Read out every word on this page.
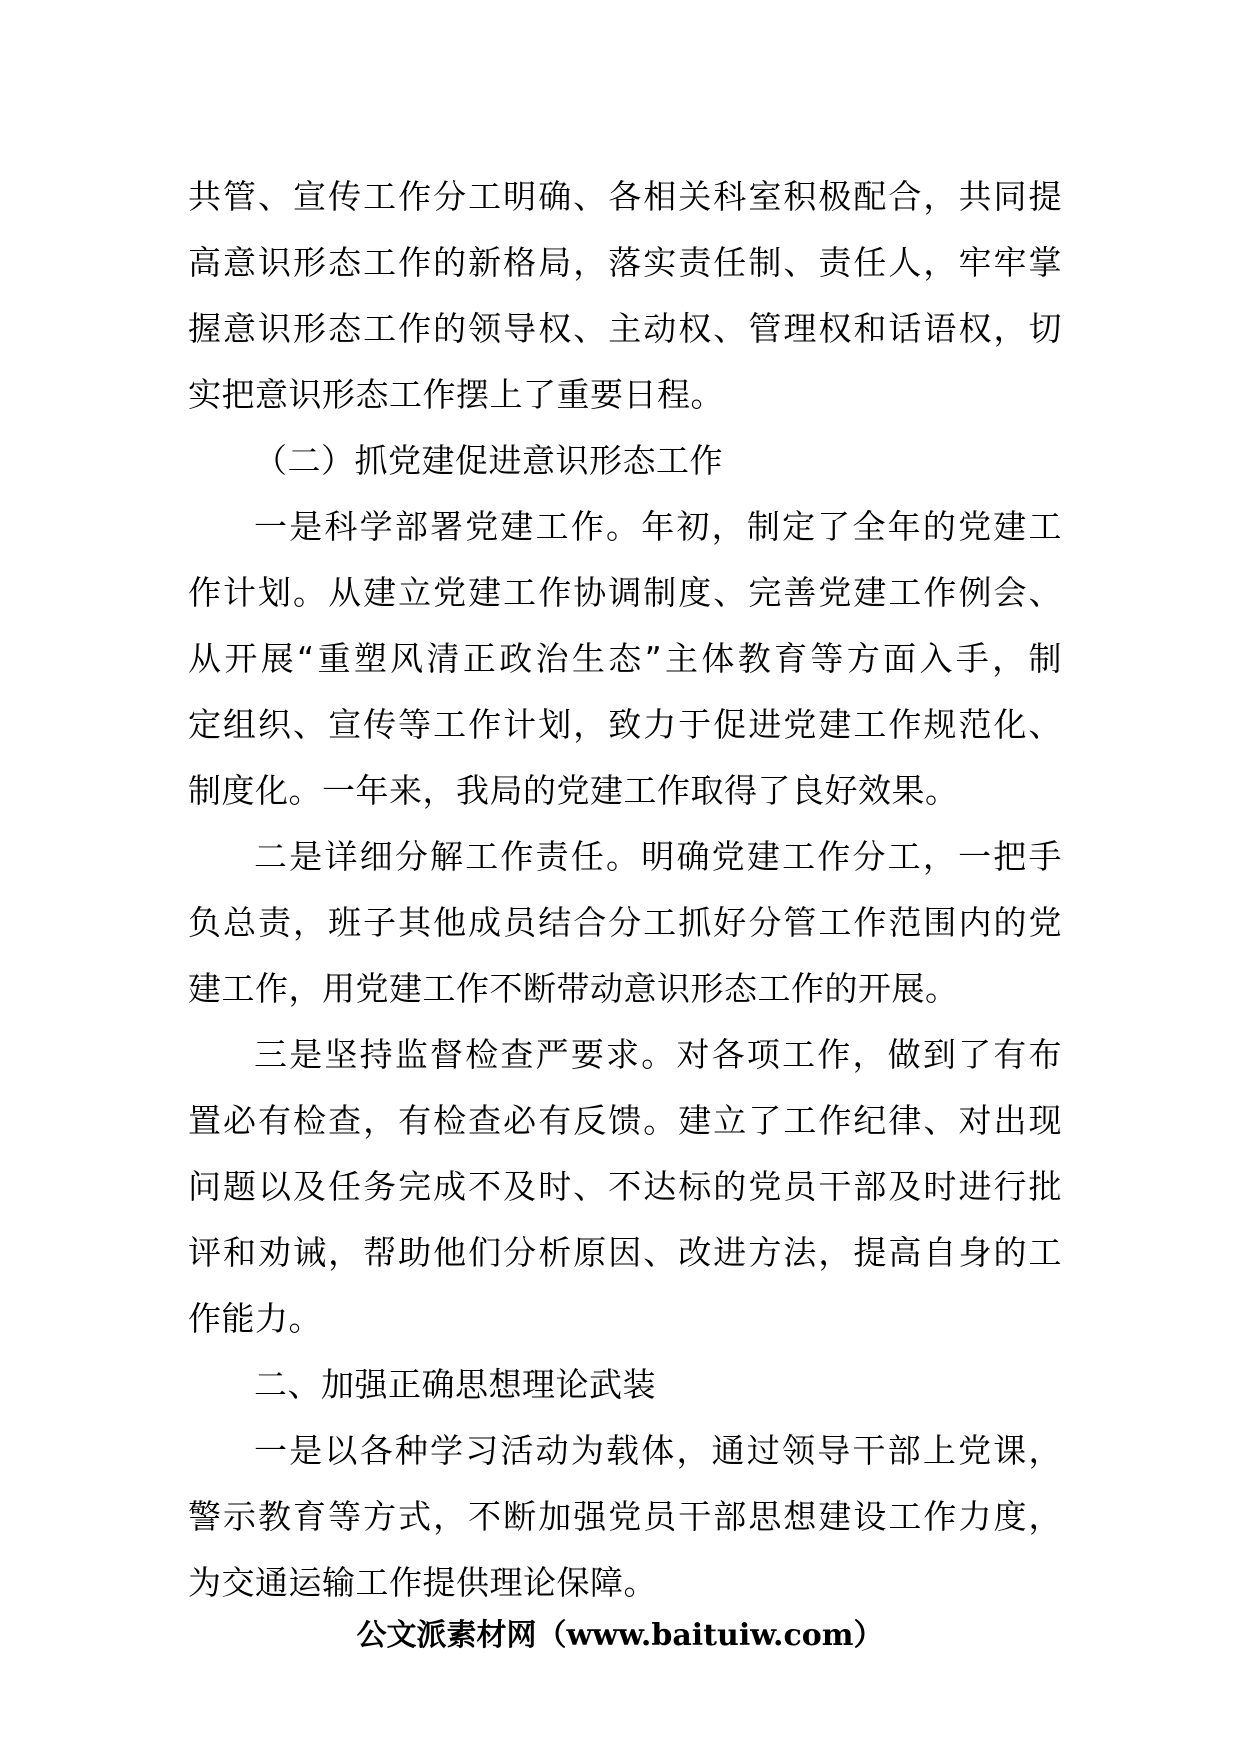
共管、宣传工作分工明确、各相关科室积极配合，共同提
高意识形态工作的新格局，落实责任制、责任人，牢牢掌
握意识形态工作的领导权、主动权、管理权和话语权，切
实把意识形态工作摆上了重要日程。
（二）抓党建促进意识形态工作
一是科学部署党建工作。年初，制定了全年的党建工
作计划。从建立党建工作协调制度、完善党建工作例会、
从开展“重塑风清正政治生态”主体教育等方面入手，制
定组织、宣传等工作计划，致力于促进党建工作规范化、
制度化。一年来，我局的党建工作取得了良好效果。
二是详细分解工作责任。明确党建工作分工，一把手
负总责，班子其他成员结合分工抓好分管工作范围内的党
建工作，用党建工作不断带动意识形态工作的开展。
三是坚持监督检查严要求。对各项工作，做到了有布
置必有检查，有检查必有反馈。建立了工作纪律、对出现
问题以及任务完成不及时、不达标的党员干部及时进行批
评和劝诫，帮助他们分析原因、改进方法，提高自身的工
作能力。
二、加强正确思想理论武装
一是以各种学习活动为载体，通过领导干部上党课，
警示教育等方式，不断加强党员干部思想建设工作力度，
为交通运输工作提供理论保障。
公文派素材网（www.baituiw.com）
